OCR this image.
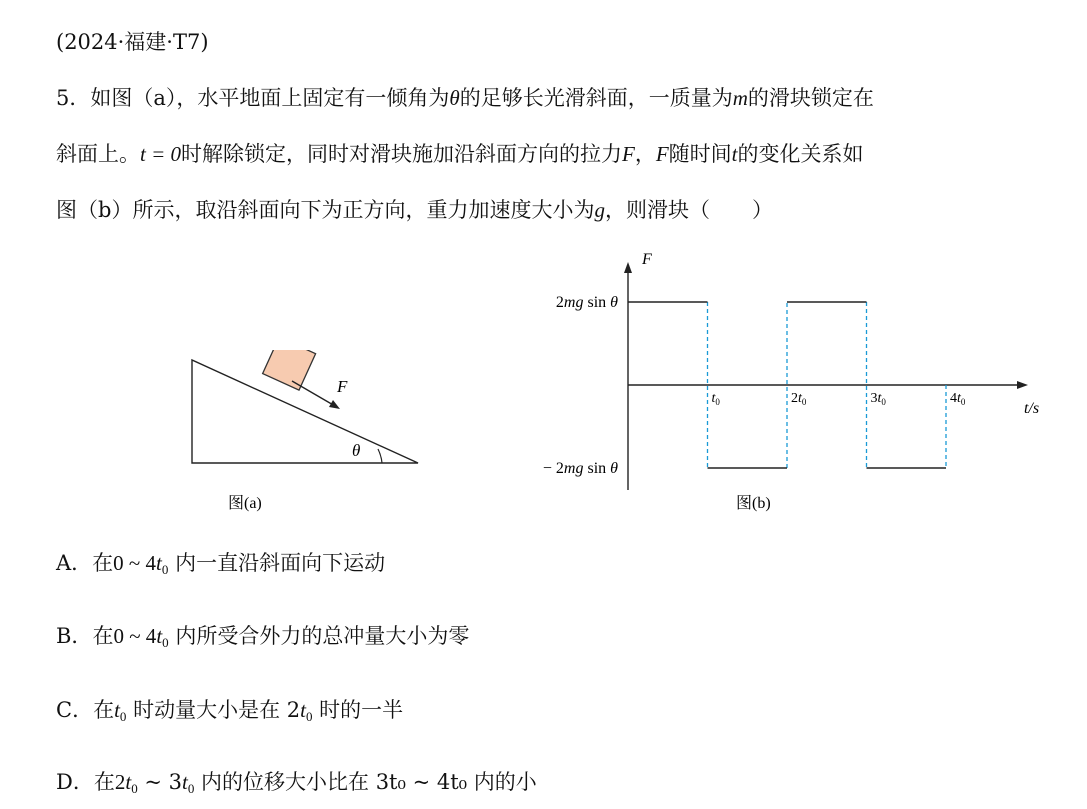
(2024·福建·T7)
5．如图（a），水平地面上固定有一倾角为θ的足够长光滑斜面，一质量为m的滑块锁定在
斜面上。t = 0时解除锁定，同时对滑块施加沿斜面方向的拉力F，F随时间t的变化关系如
图（b）所示，取沿斜面向下为正方向，重力加速度大小为g，则滑块（　　）
θ
F
图(a)
F
t/s
$t_0$	$2t_0$	$3t_0$	$4t_0$
2mg sin θ
− 2mg sin θ
图(b)
A．在0 ~ $4t_0$ 内一直沿斜面向下运动
B．在0 ~ $4t_0$ 内所受合外力的总冲量大小为零
C．在$t_0$ 时动量大小是在 $2t_0$ 时的一半
D．在$2t_0$ ~ $3t_0$ 内的位移大小比在 3t₀ ~ 4t₀ 内的小
